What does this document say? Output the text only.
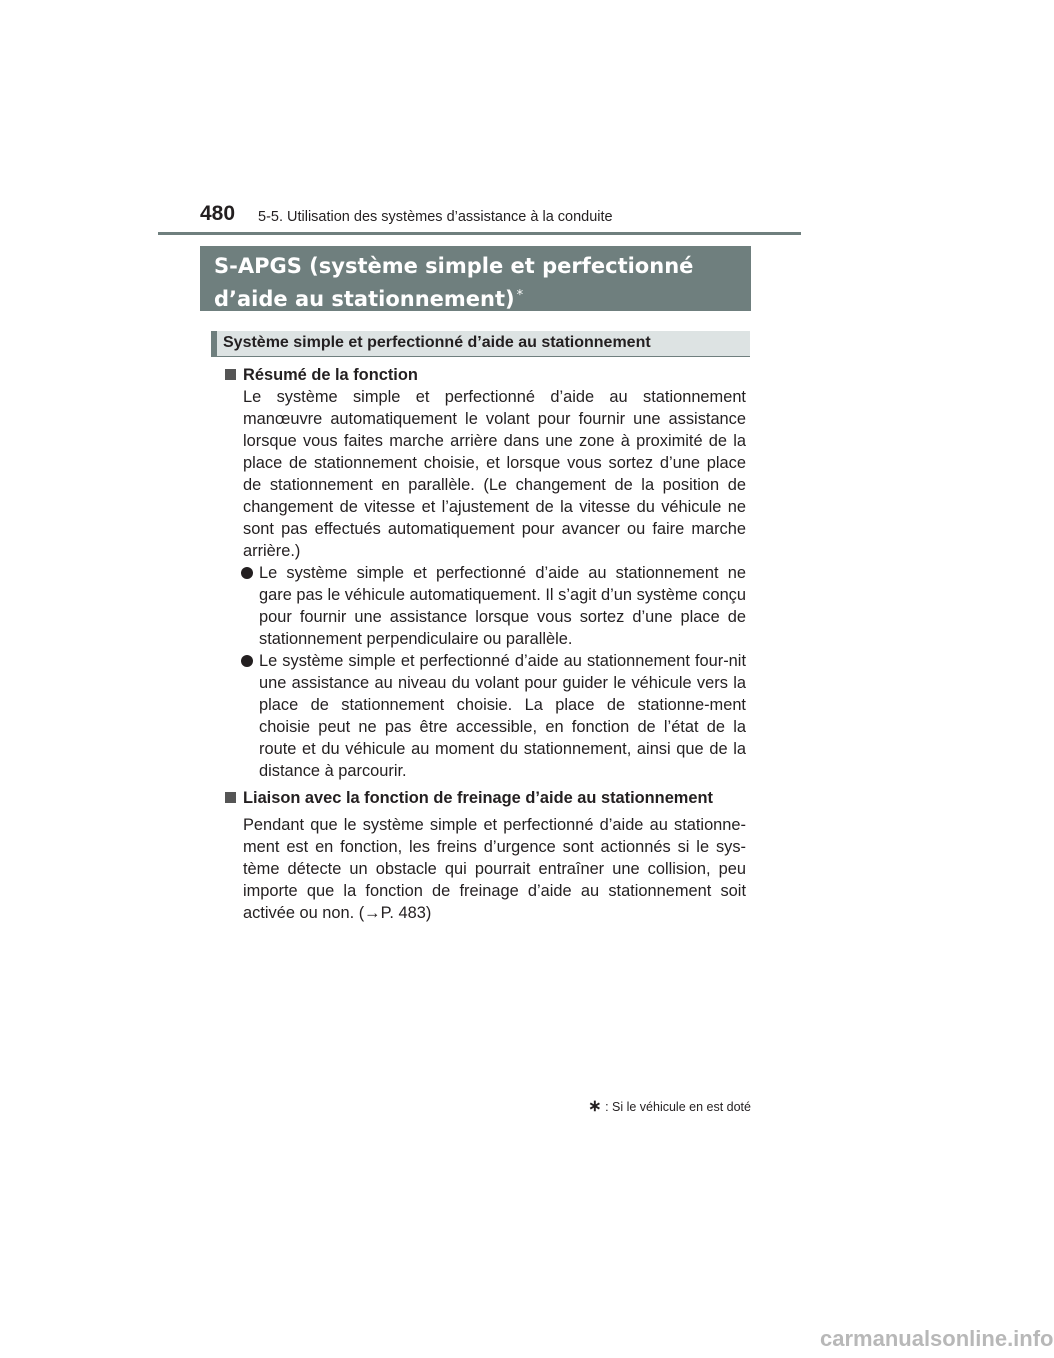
480 5-5. Utilisation des systèmes d’assistance à la conduite
S-APGS (système simple et perfectionné
d’aide au stationnement) *
Système simple et perfectionné d’aide au stationnement

Résumé de la fonction

Le système simple et perfectionné d’aide au stationnement manœuvre automatiquement le volant pour fournir une assistance lorsque vous faites marche arrière dans une zone à proximité de la place de stationnement choisie, et lorsque vous sortez d’une place de stationnement en parallèle. (Le changement de la position de changement de vitesse et l’ajustement de la vitesse du véhicule ne sont pas effectués automatiquement pour avancer ou faire marche arrière.)

Le système simple et perfectionné d’aide au stationnement ne gare pas le véhicule automatiquement. Il s’agit d’un système conçu pour fournir une assistance lorsque vous sortez d’une place de stationnement perpendiculaire ou parallèle.

Le système simple et perfectionné d’aide au stationnement four-nit une assistance au niveau du volant pour guider le véhicule vers la place de stationnement choisie. La place de stationne-ment choisie peut ne pas être accessible, en fonction de l’état de la route et du véhicule au moment du stationnement, ainsi que de la distance à parcourir.

Liaison avec la fonction de freinage d’aide au stationnement

Pendant que le système simple et perfectionné d’aide au stationne-ment est en fonction, les freins d’urgence sont actionnés si le sys-tème détecte un obstacle qui pourrait entraîner une collision, peu importe que la fonction de freinage d’aide au stationnement soit activée ou non. (→P. 483)

∗ : Si le véhicule en est doté
carmanualsonline.info
